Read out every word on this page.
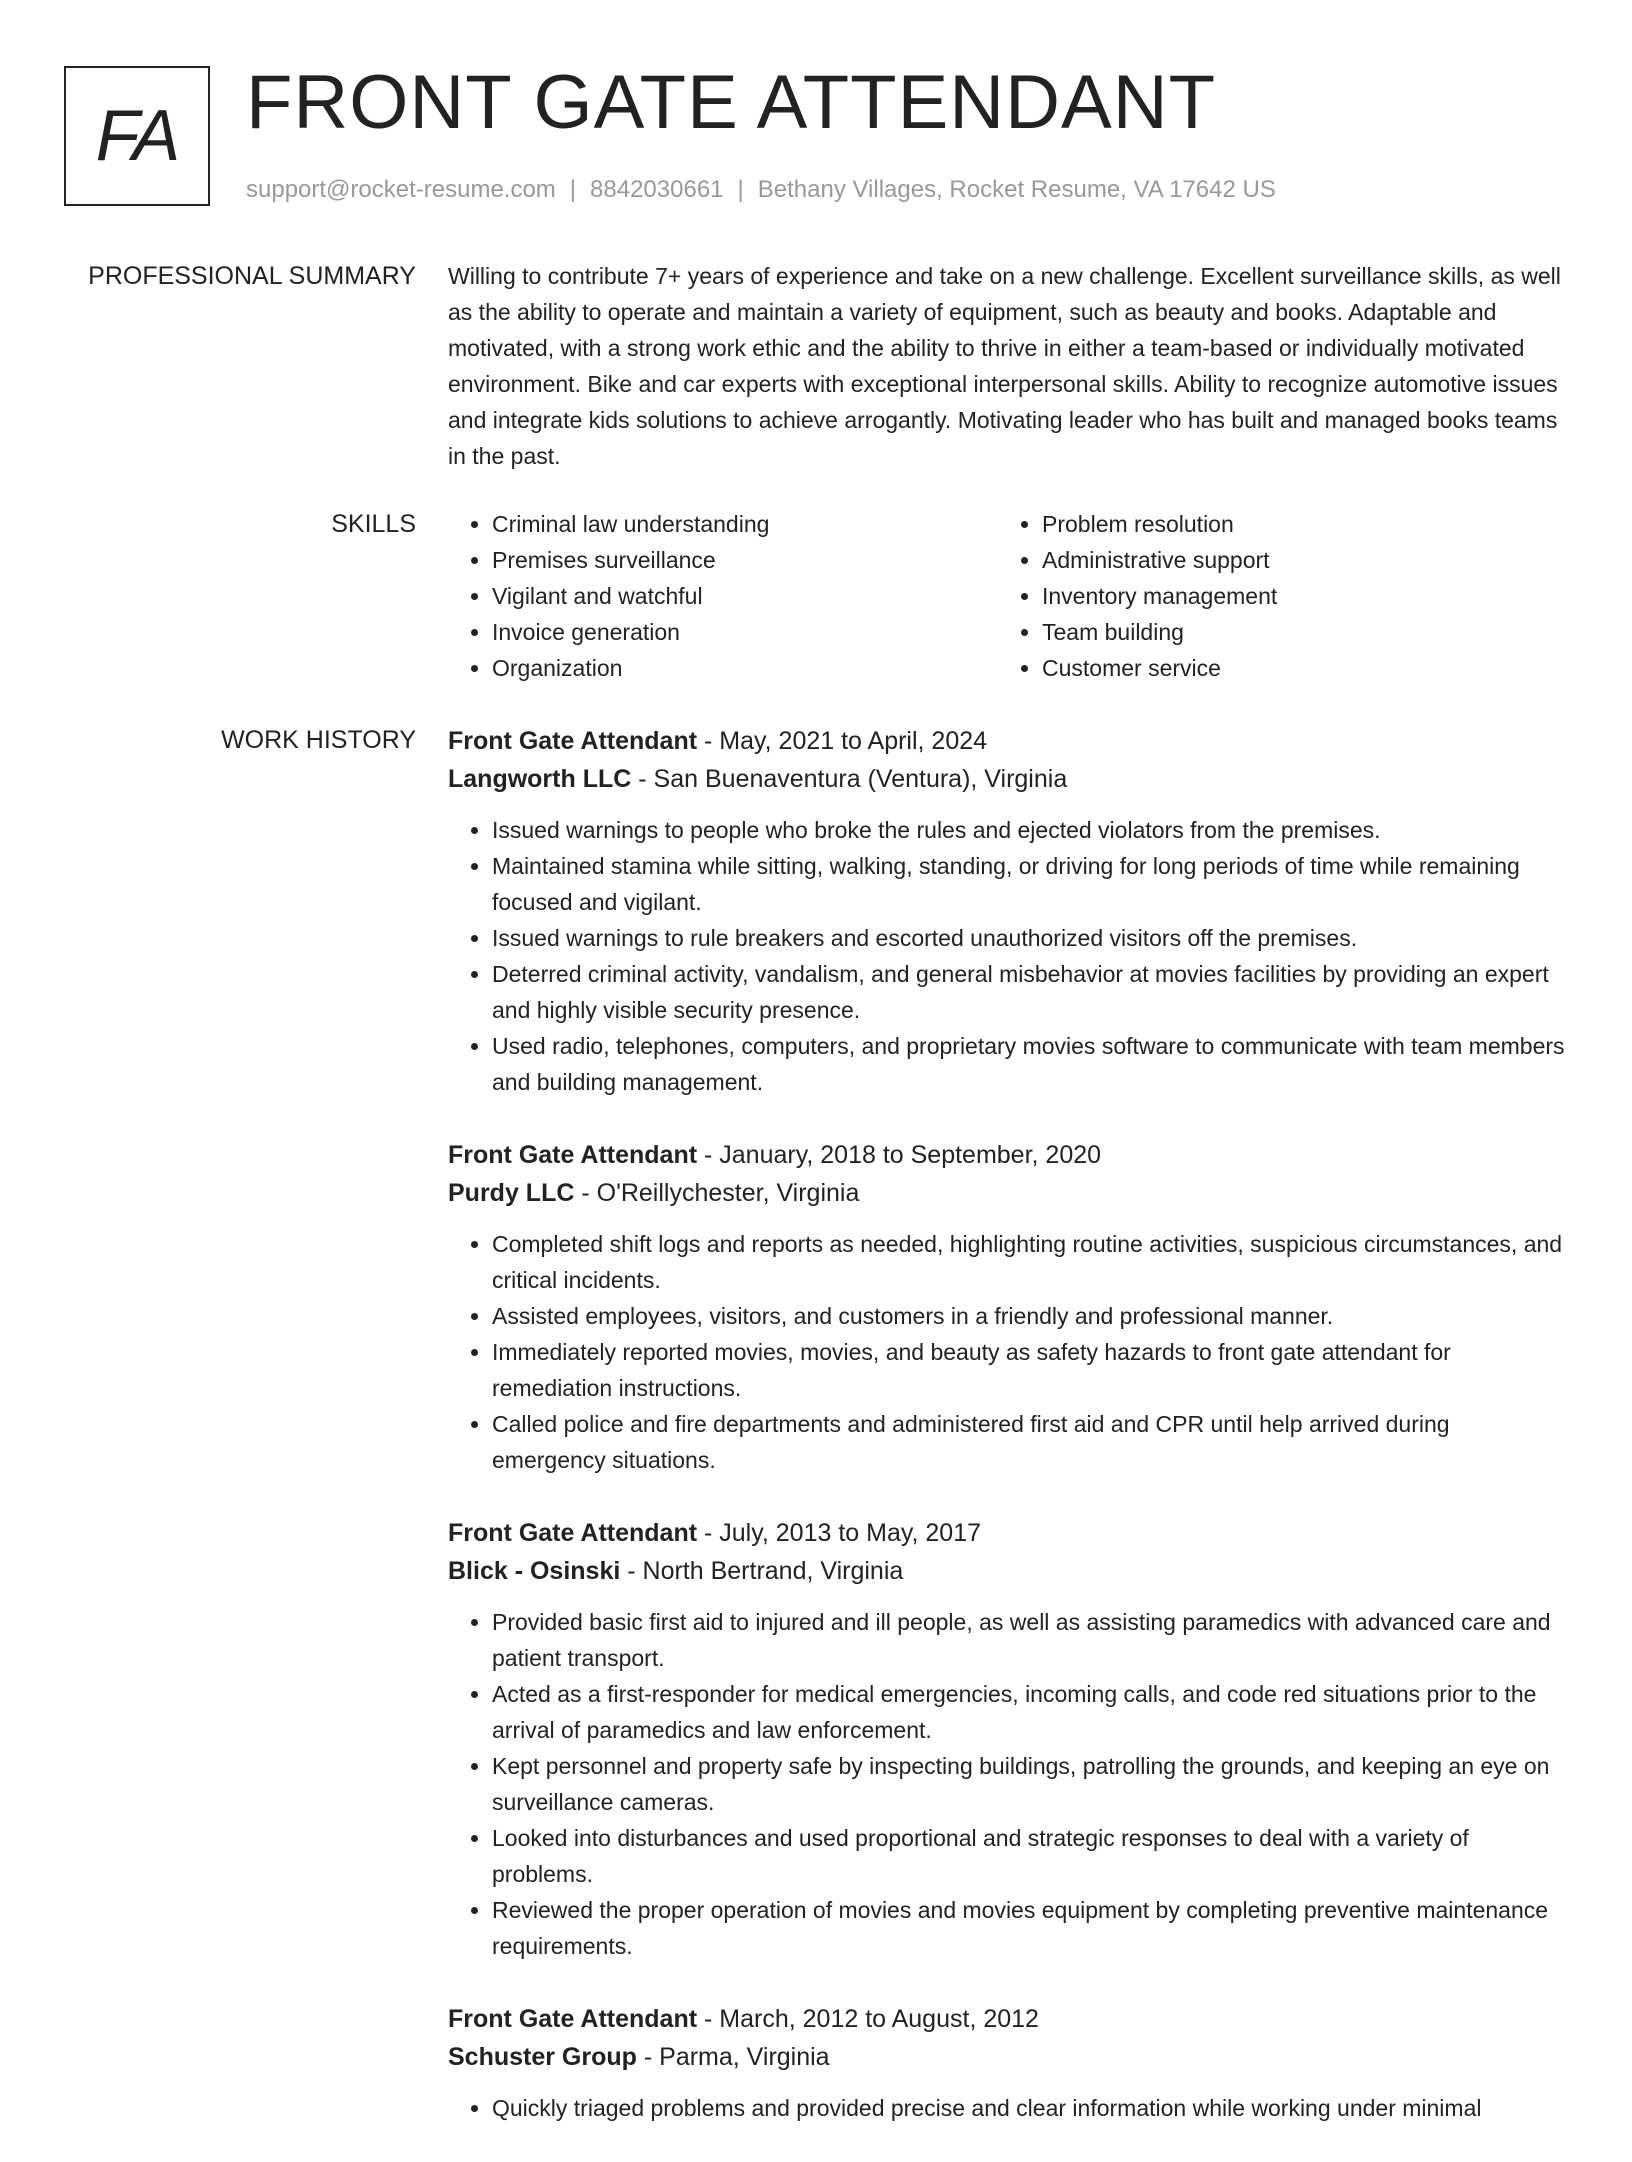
FA FRONT GATE ATTENDANT
support@rocket-resume.com | 8842030661 | Bethany Villages, Rocket Resume, VA 17642 US
PROFESSIONAL SUMMARY Willing to contribute 7+ years of experience and take on a new challenge. Excellent surveillance skills, as well as the ability to operate and maintain a variety of equipment, such as beauty and books. Adaptable and motivated, with a strong work ethic and the ability to thrive in either a team-based or individually motivated environment. Bike and car experts with exceptional interpersonal skills. Ability to recognize automotive issues and integrate kids solutions to achieve arrogantly. Motivating leader who has built and managed books teams in the past.

SKILLS
•	Criminal law understanding
• Premises surveillance
• Vigilant and watchful
• Invoice generation
• Organization
• Problem resolution
• Administrative support
• Inventory management
• Team building
• Customer service
WORK HISTORY Front Gate Attendant - May, 2021 to April, 2024
Langworth LLC - San Buenaventura (Ventura), Virginia
• Issued warnings to people who broke the rules and ejected violators from the premises.
• Maintained stamina while sitting, walking, standing, or driving for long periods of time while remaining focused and vigilant.
• Issued warnings to rule breakers and escorted unauthorized visitors off the premises.
• Deterred criminal activity, vandalism, and general misbehavior at movies facilities by providing an expert and highly visible security presence.
• Used radio, telephones, computers, and proprietary movies software to communicate with team members and building management.
Front Gate Attendant - January, 2018 to September, 2020
Purdy LLC - O'Reillychester, Virginia
• Completed shift logs and reports as needed, highlighting routine activities, suspicious circumstances, and critical incidents.
• Assisted employees, visitors, and customers in a friendly and professional manner.
• Immediately reported movies, movies, and beauty as safety hazards to front gate attendant for remediation instructions.
• Called police and fire departments and administered first aid and CPR until help arrived during emergency situations.
Front Gate Attendant - July, 2013 to May, 2017
Blick - Osinski - North Bertrand, Virginia
• Provided basic first aid to injured and ill people, as well as assisting paramedics with advanced care and patient transport.
• Acted as a first-responder for medical emergencies, incoming calls, and code red situations prior to the arrival of paramedics and law enforcement.
• Kept personnel and property safe by inspecting buildings, patrolling the grounds, and keeping an eye on surveillance cameras.
• Looked into disturbances and used proportional and strategic responses to deal with a variety of problems.
• Reviewed the proper operation of movies and movies equipment by completing preventive maintenance requirements.
Front Gate Attendant - March, 2012 to August, 2012
Schuster Group - Parma, Virginia
• Quickly triaged problems and provided precise and clear information while working under minimal
